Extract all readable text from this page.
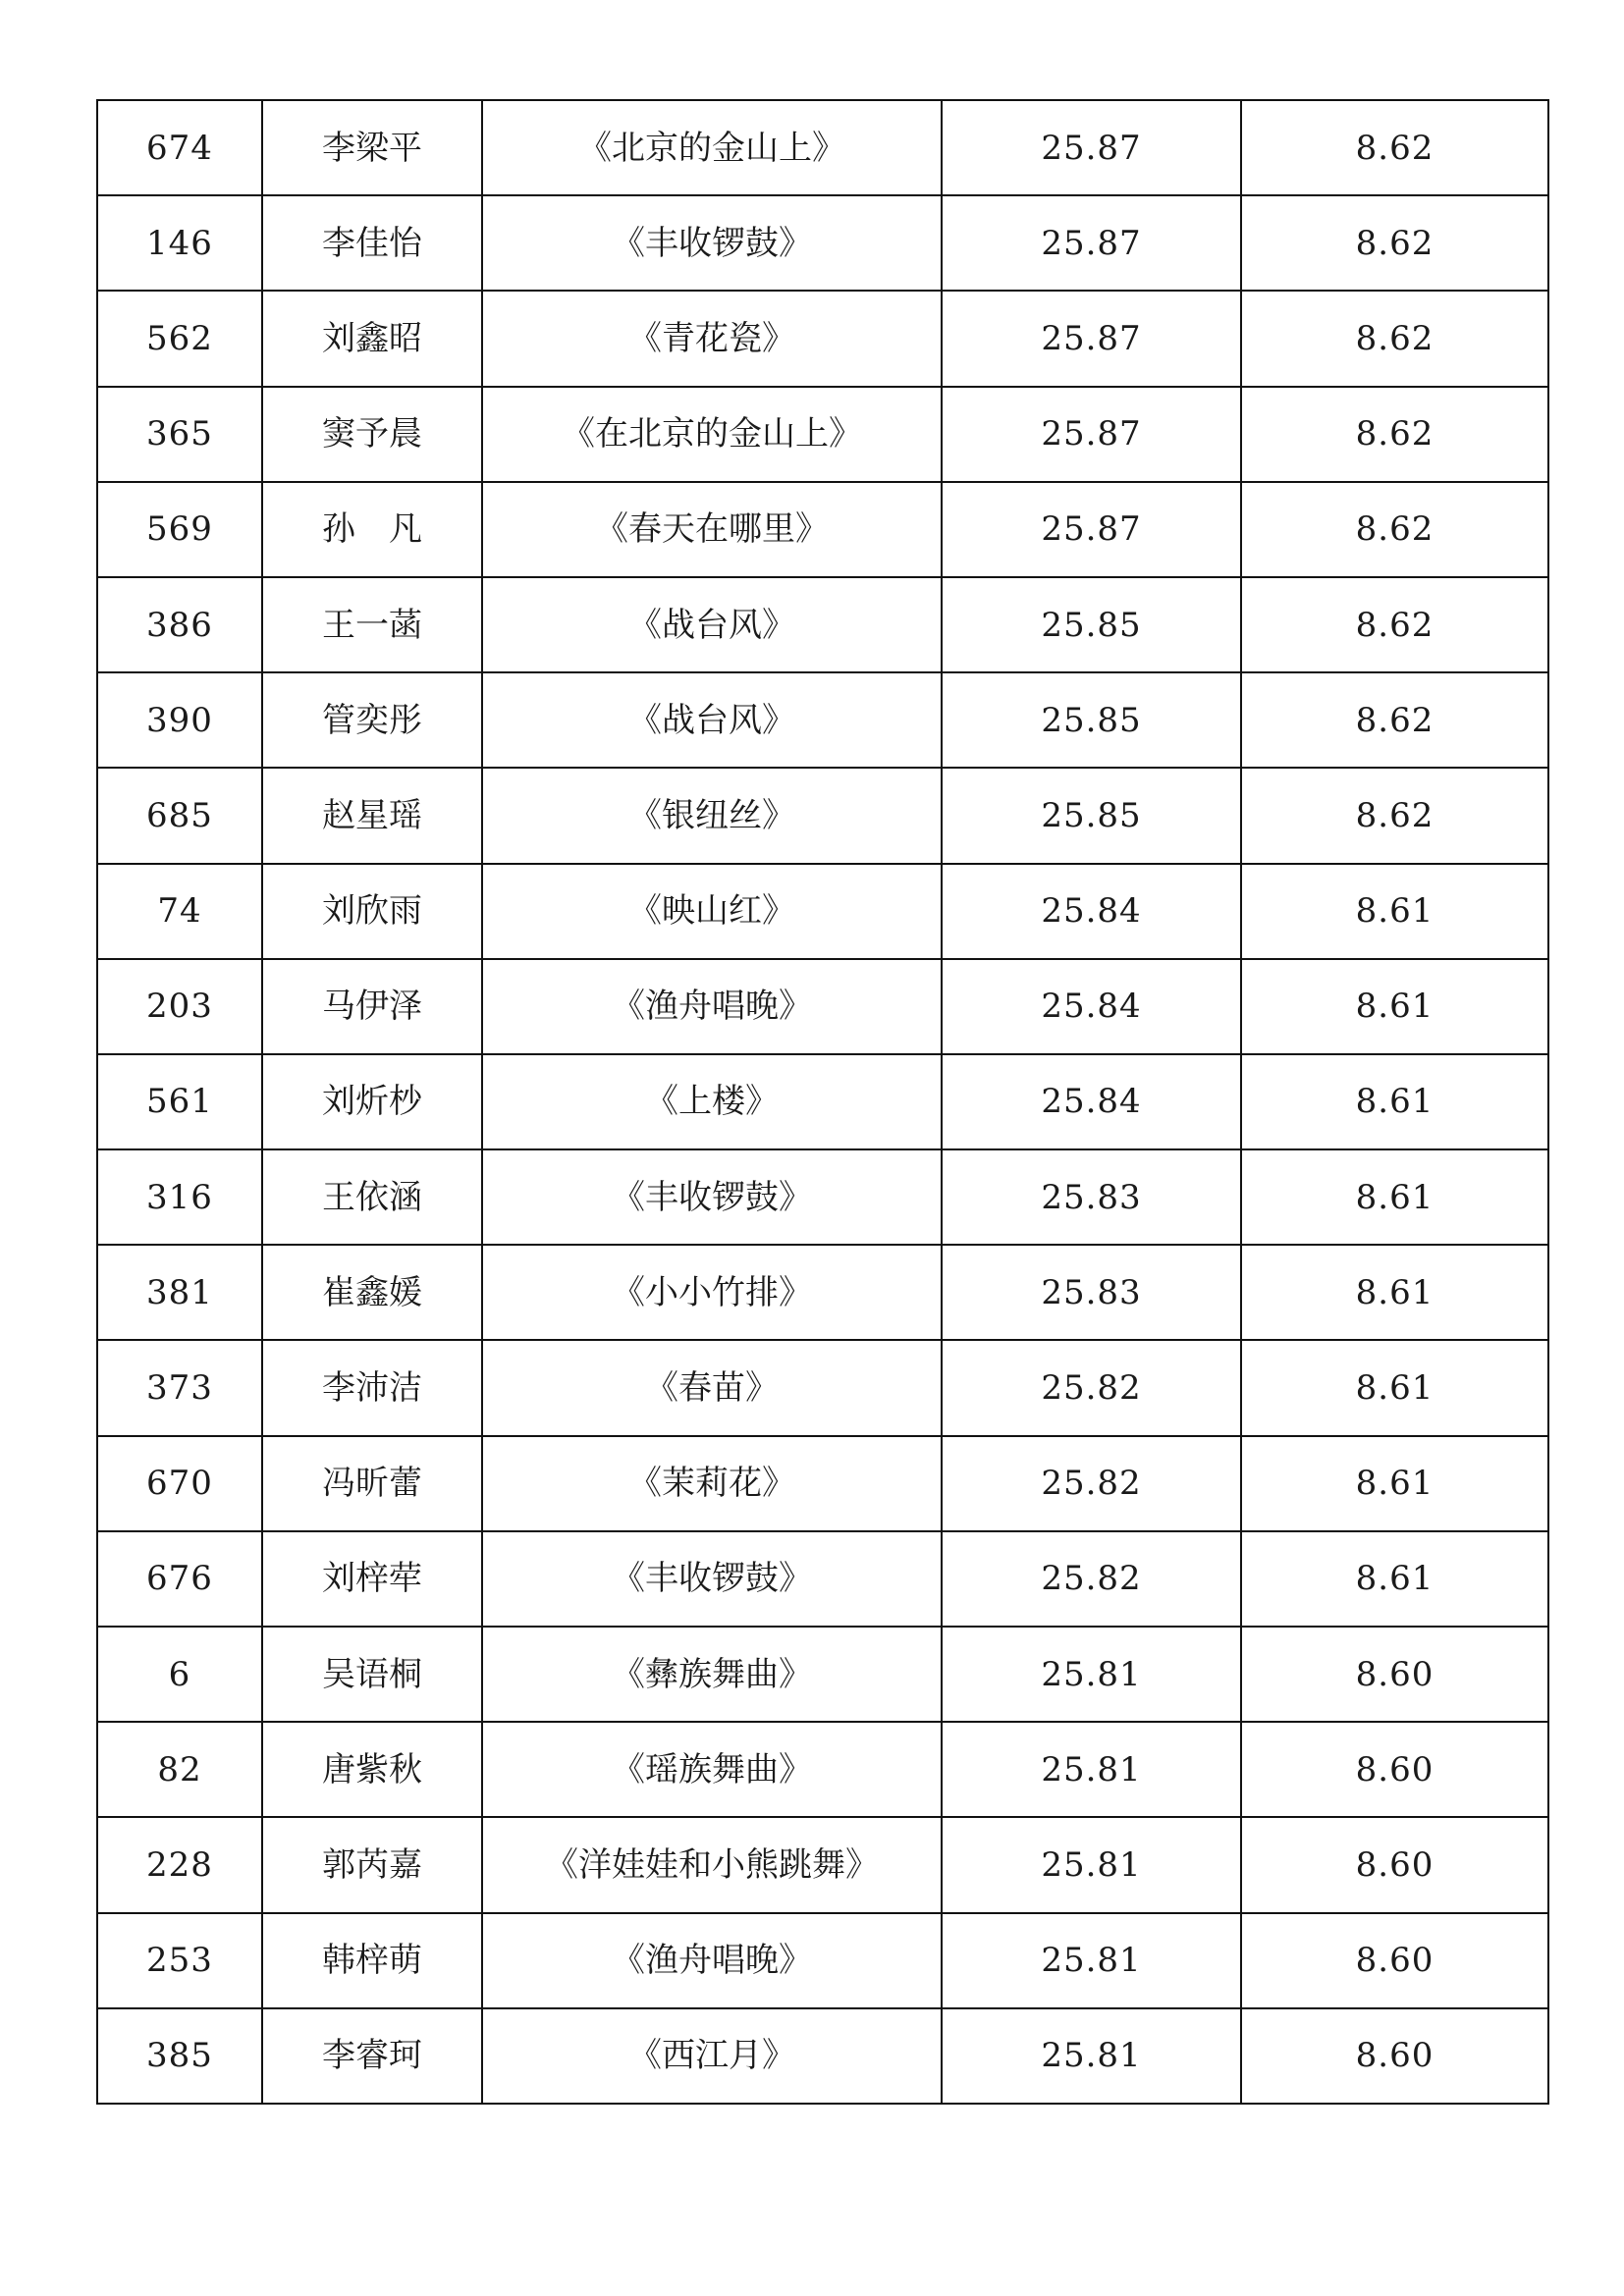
674	李梁平	《北京的金山上》	25.87	8.62
146	李佳怡	《丰收锣鼓》	25.87	8.62
562	刘鑫昭	《青花瓷》	25.87	8.62
365	窦予晨	《在北京的金山上》	25.87	8.62
569	孙　凡	《春天在哪里》	25.87	8.62
386	王一菡	《战台风》	25.85	8.62
390	管奕彤	《战台风》	25.85	8.62
685	赵星瑶	《银纽丝》	25.85	8.62
74	刘欣雨	《映山红》	25.84	8.61
203	马伊泽	《渔舟唱晚》	25.84	8.61
561	刘炘杪	《上楼》	25.84	8.61
316	王依涵	《丰收锣鼓》	25.83	8.61
381	崔鑫媛	《小小竹排》	25.83	8.61
373	李沛洁	《春苗》	25.82	8.61
670	冯昕蕾	《茉莉花》	25.82	8.61
676	刘梓荦	《丰收锣鼓》	25.82	8.61
6	吴语桐	《彝族舞曲》	25.81	8.60
82	唐紫秋	《瑶族舞曲》	25.81	8.60
228	郭芮嘉	《洋娃娃和小熊跳舞》	25.81	8.60
253	韩梓萌	《渔舟唱晚》	25.81	8.60
385	李睿珂	《西江月》	25.81	8.60
